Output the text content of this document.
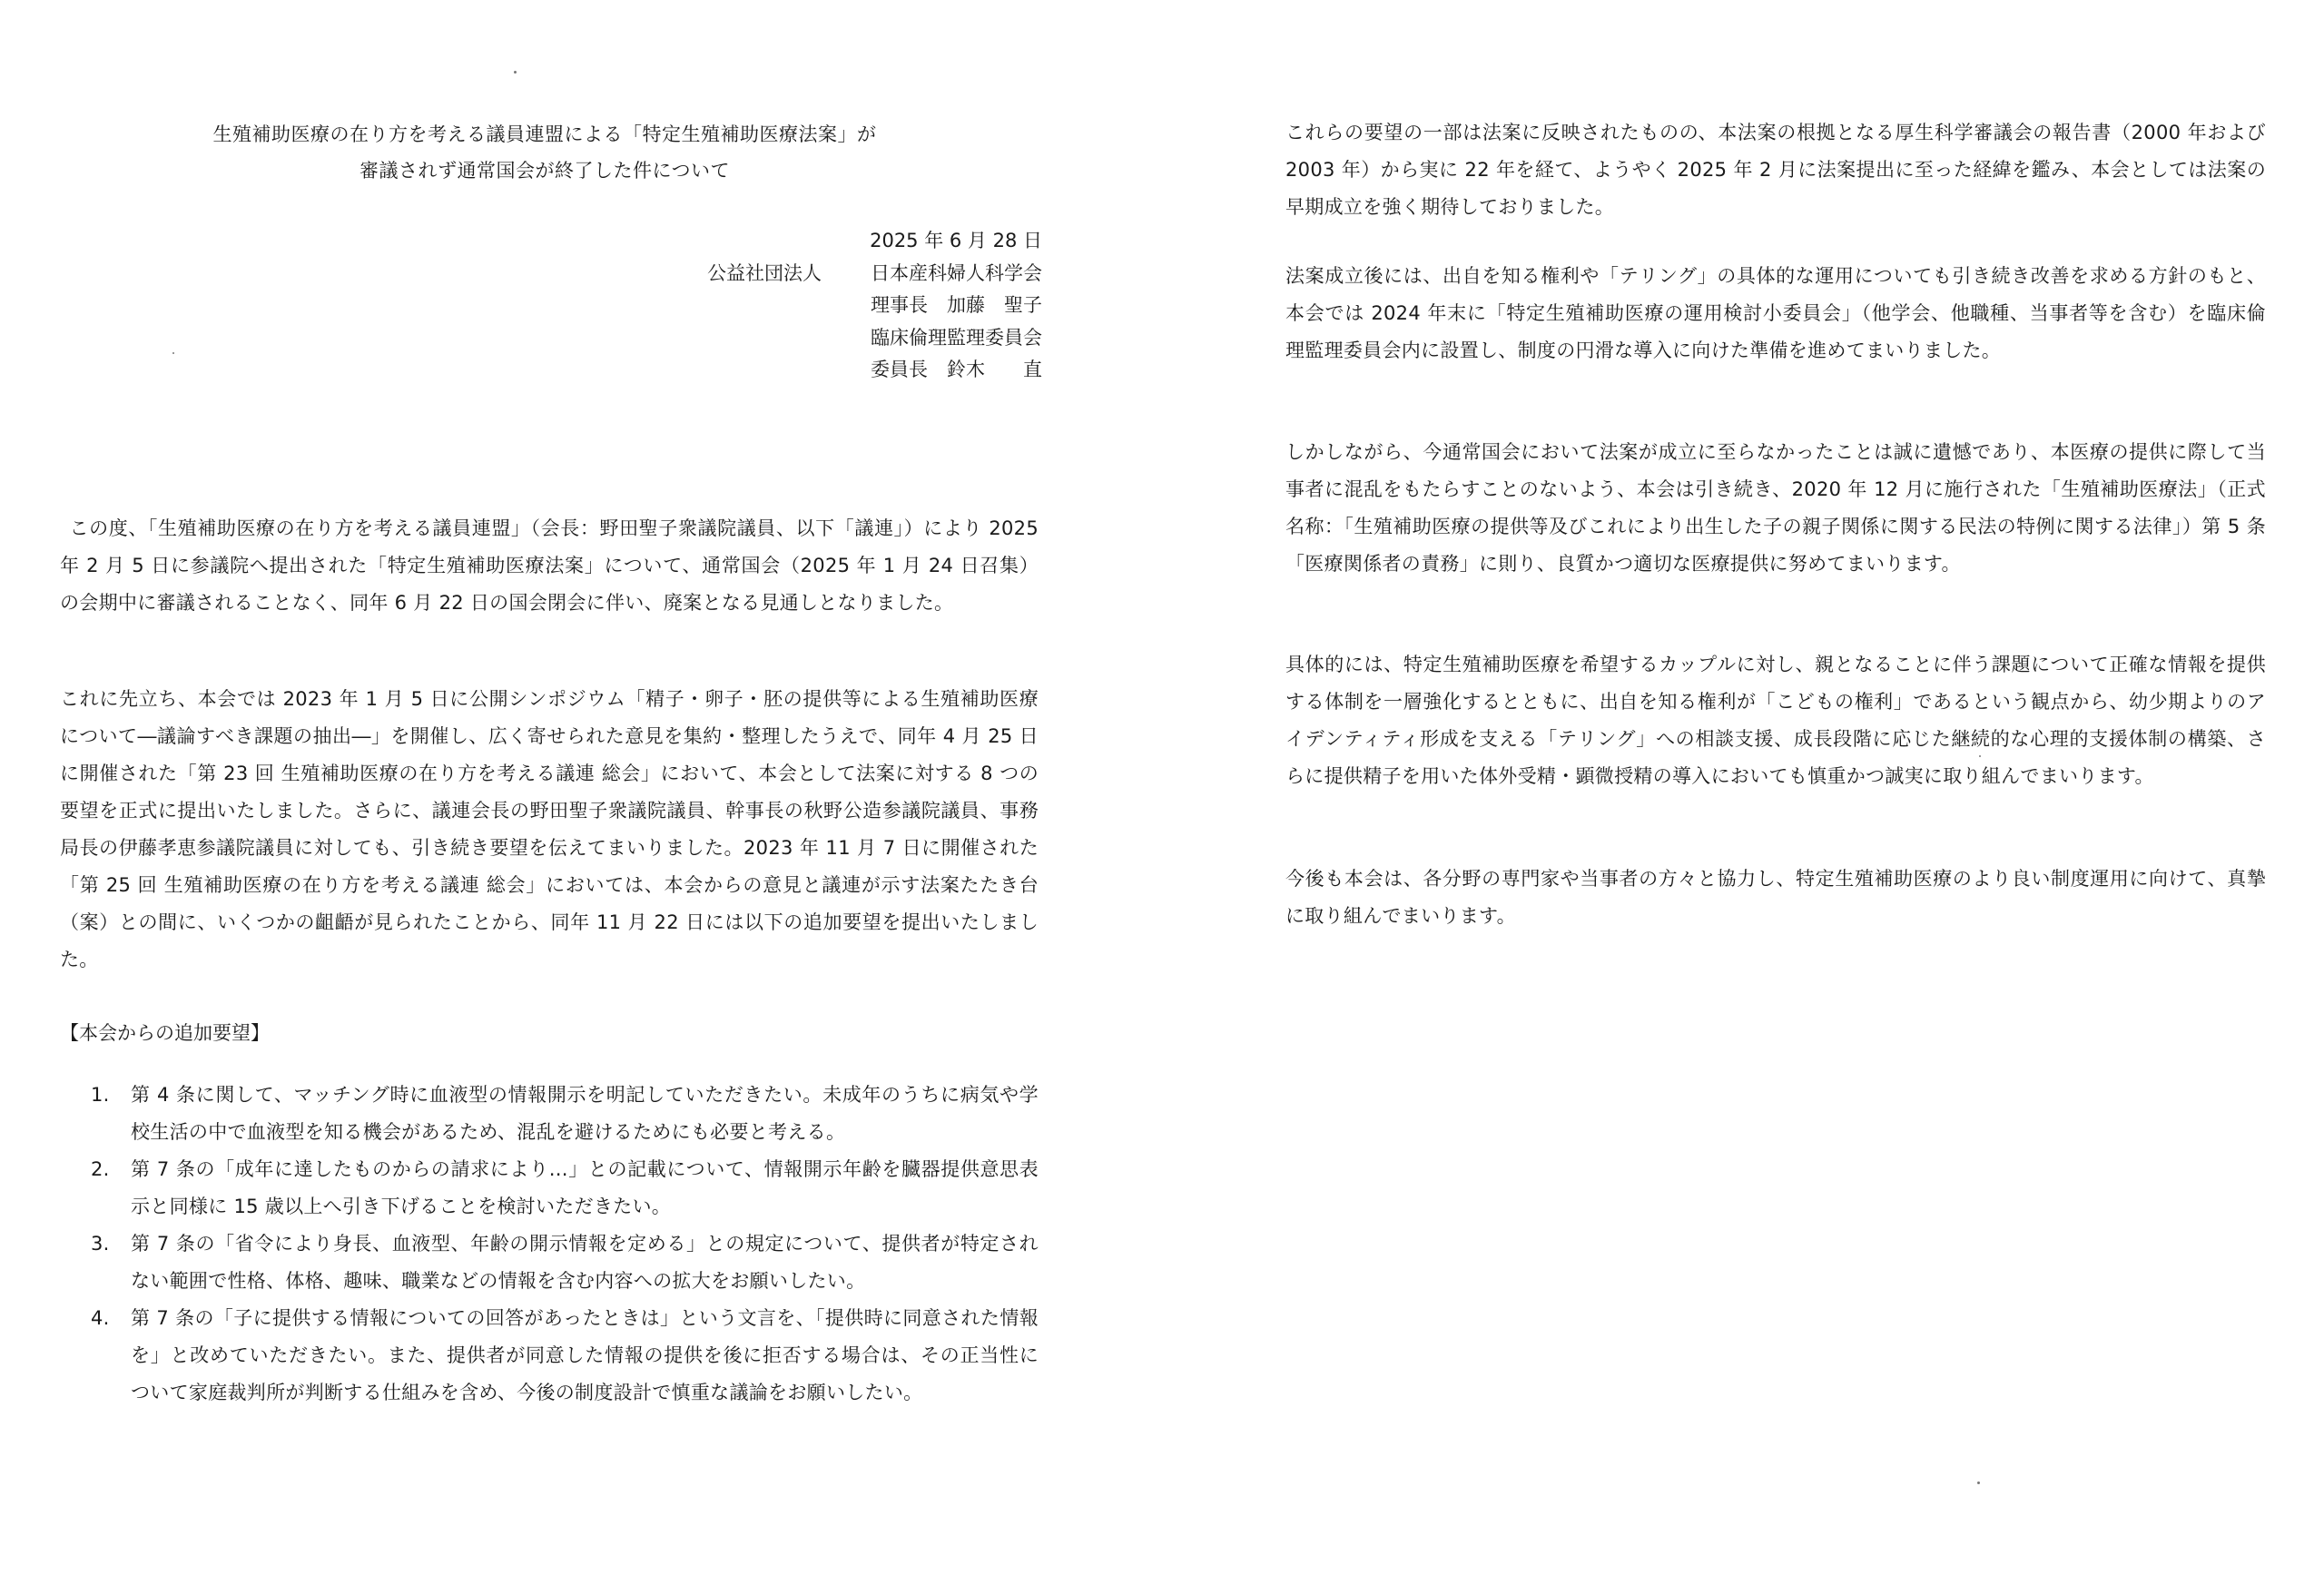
生殖補助医療の在り方を考える議員連盟による「特定生殖補助医療法案」が
審議されず通常国会が終了した件について
2025 年 6 月 28 日
公益社団法人	日本産科婦人科学会
理事長　 加藤　聖子
臨床倫理監理委員会
委員長　 鈴木　　直

この度、「生殖補助医療の在り方を考える議員連盟」（会長：野田聖子衆議院議員、以下「議連」）により 2025 年 2 月 5 日に参議院へ提出された「特定生殖補助医療法案」について、通常国会（2025 年 1 月 24 日召集）の会期中に審議されることなく、同年 6 月 22 日の国会閉会に伴い、廃案となる見通しとなりました。

これに先立ち、本会では 2023 年 1 月 5 日に公開シンポジウム「精子・卵子・胚の提供等による生殖補助医療について―議論すべき課題の抽出―」を開催し、広く寄せられた意見を集約・整理したうえで、同年 4 月 25 日に開催された「第 23 回 生殖補助医療の在り方を考える議連 総会」において、本会として法案に対する 8 つの要望を正式に提出いたしました。さらに、議連会長の野田聖子衆議院議員、幹事長の秋野公造参議院議員、事務局長の伊藤孝恵参議院議員に対しても、引き続き要望を伝えてまいりました。2023 年 11 月 7 日に開催された「第 25 回 生殖補助医療の在り方を考える議連 総会」においては、本会からの意見と議連が示す法案たたき台（案）との間に、いくつかの齟齬が見られたことから、同年 11 月 22 日には以下の追加要望を提出いたしました。

【本会からの追加要望】
1. 第 4 条に関して、マッチング時に血液型の情報開示を明記していただきたい。未成年のうちに病気や学校生活の中で血液型を知る機会があるため、混乱を避けるためにも必要と考える。
2. 第 7 条の「成年に達したものからの請求により…」との記載について、情報開示年齢を臓器提供意思表示と同様に 15 歳以上へ引き下げることを検討いただきたい。
3. 第 7 条の「省令により身長、血液型、年齢の開示情報を定める」との規定について、提供者が特定されない範囲で性格、体格、趣味、職業などの情報を含む内容への拡大をお願いしたい。
4. 第 7 条の「子に提供する情報についての回答があったときは」という文言を、「提供時に同意された情報を」と改めていただきたい。また、提供者が同意した情報の提供を後に拒否する場合は、その正当性について家庭裁判所が判断する仕組みを含め、今後の制度設計で慎重な議論をお願いしたい。

これらの要望の一部は法案に反映されたものの、本法案の根拠となる厚生科学審議会の報告書（2000 年および 2003 年）から実に 22 年を経て、ようやく 2025 年 2 月に法案提出に至った経緯を鑑み、本会としては法案の早期成立を強く期待しておりました。

法案成立後には、出自を知る権利や「テリング」の具体的な運用についても引き続き改善を求める方針のもと、本会では 2024 年末に「特定生殖補助医療の運用検討小委員会」（他学会、他職種、当事者等を含む）を臨床倫理監理委員会内に設置し、制度の円滑な導入に向けた準備を進めてまいりました。

しかしながら、今通常国会において法案が成立に至らなかったことは誠に遺憾であり、本医療の提供に際して当事者に混乱をもたらすことのないよう、本会は引き続き、2020 年 12 月に施行された「生殖補助医療法」（正式名称：「生殖補助医療の提供等及びこれにより出生した子の親子関係に関する民法の特例に関する法律」）第 5 条「医療関係者の責務」に則り、良質かつ適切な医療提供に努めてまいります。

具体的には、特定生殖補助医療を希望するカップルに対し、親となることに伴う課題について正確な情報を提供する体制を一層強化するとともに、出自を知る権利が「こどもの権利」であるという観点から、幼少期よりのアイデンティティ形成を支える「テリング」への相談支援、成長段階に応じた継続的な心理的支援体制の構築、さらに提供精子を用いた体外受精・顕微授精の導入においても慎重かつ誠実に取り組んでまいります。

今後も本会は、各分野の専門家や当事者の方々と協力し、特定生殖補助医療のより良い制度運用に向けて、真摯に取り組んでまいります。
